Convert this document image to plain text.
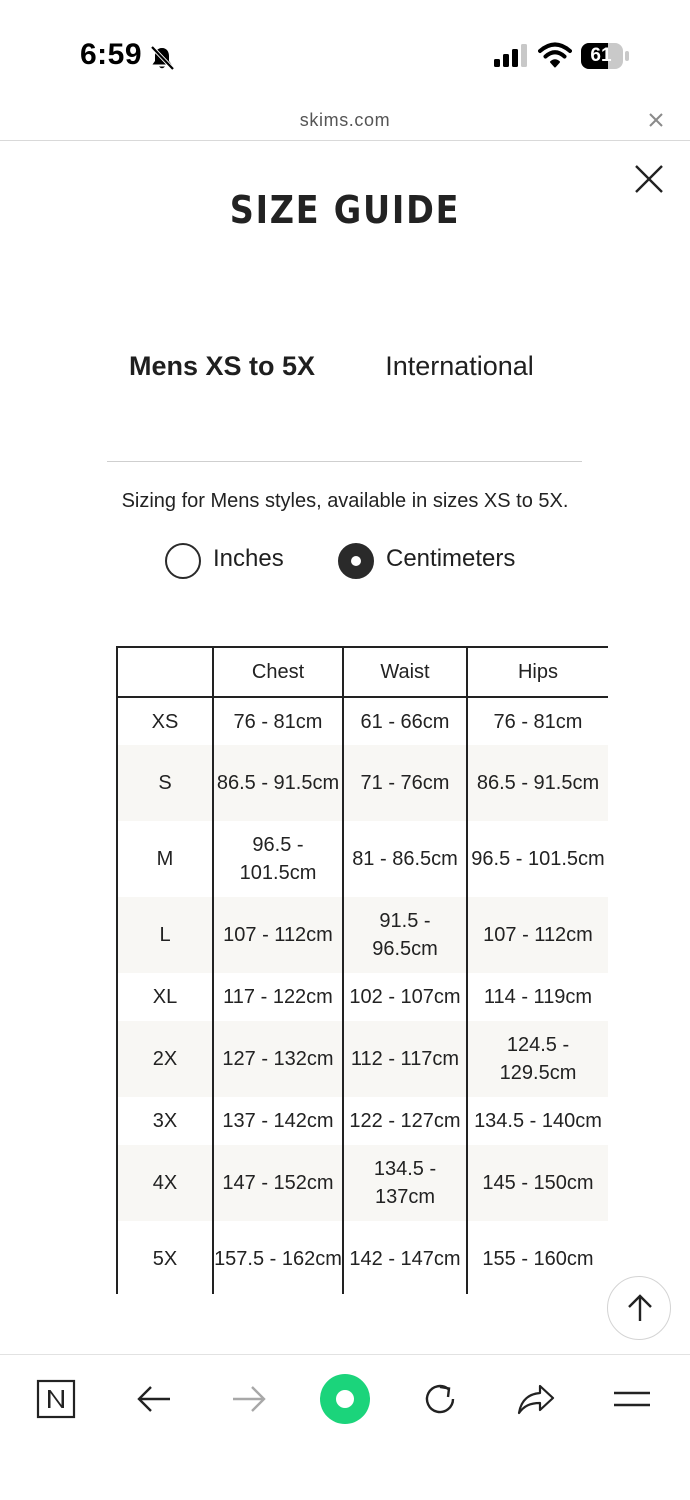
6:59	61
skims.com
SIZE GUIDE
Mens XS to 5X	International
Sizing for Mens styles, available in sizes XS to 5X.
Inches	Centimeters
	Chest	Waist	Hips
XS	76 - 81cm	61 - 66cm	76 - 81cm
S	86.5 - 91.5cm	71 - 76cm	86.5 - 91.5cm
M	96.5 - 101.5cm	81 - 86.5cm	96.5 - 101.5cm
L	107 - 112cm	91.5 - 96.5cm	107 - 112cm
XL	117 - 122cm	102 - 107cm	114 - 119cm
2X	127 - 132cm	112 - 117cm	124.5 - 129.5cm
3X	137 - 142cm	122 - 127cm	134.5 - 140cm
4X	147 - 152cm	134.5 - 137cm	145 - 150cm
5X	157.5 - 162cm	142 - 147cm	155 - 160cm
